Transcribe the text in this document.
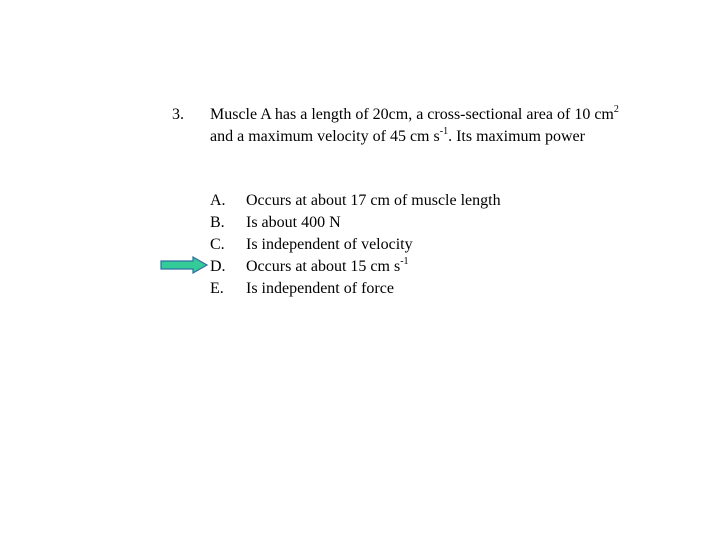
3. Muscle A has a length of 20cm, a cross-sectional area of 10 $cm^2$ and a maximum velocity of 45 cm $s^{-1}$. Its maximum power
A. Occurs at about 17 cm of muscle length
B. Is about 400 N
C. Is independent of velocity
D. Occurs at about 15 cm $s^{-1}$
E. Is independent of force
